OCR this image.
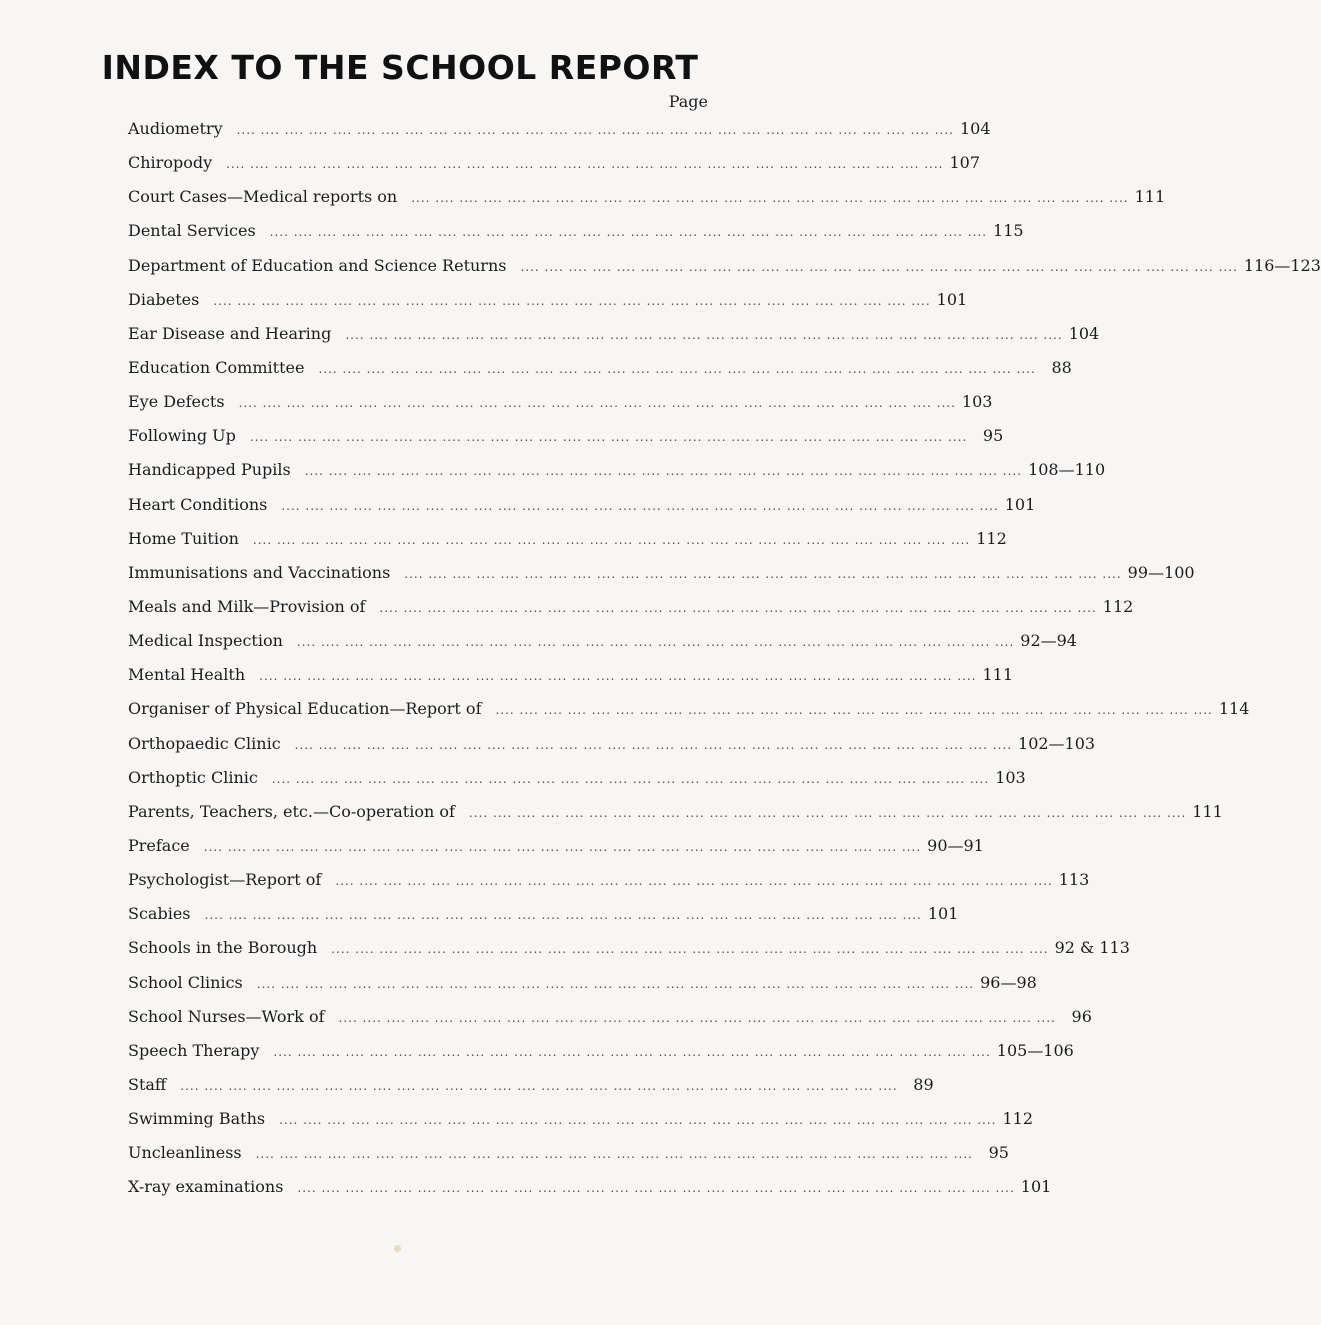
INDEX TO THE SCHOOL REPORT
Page
Audiometry .... .... .... .... .... .... .... .... .... .... .... .... .... .... .... .... .... .... .... .... .... .... .... .... .... .... .... .... .... .... 104
Chiropody .... .... .... .... .... .... .... .... .... .... .... .... .... .... .... .... .... .... .... .... .... .... .... .... .... .... .... .... .... .... 107
Court Cases—Medical reports on .... .... .... .... .... .... .... .... .... .... .... .... .... .... .... .... .... .... .... .... .... .... .... .... .... .... .... .... .... .... 111
Dental Services .... .... .... .... .... .... .... .... .... .... .... .... .... .... .... .... .... .... .... .... .... .... .... .... .... .... .... .... .... .... 115
Department of Education and Science Returns .... .... .... .... .... .... .... .... .... .... .... .... .... .... .... .... .... .... .... .... .... .... .... .... .... .... .... .... .... .... 116—123
Diabetes .... .... .... .... .... .... .... .... .... .... .... .... .... .... .... .... .... .... .... .... .... .... .... .... .... .... .... .... .... .... 101
Ear Disease and Hearing .... .... .... .... .... .... .... .... .... .... .... .... .... .... .... .... .... .... .... .... .... .... .... .... .... .... .... .... .... .... 104
Education Committee .... .... .... .... .... .... .... .... .... .... .... .... .... .... .... .... .... .... .... .... .... .... .... .... .... .... .... .... .... .... 88
Eye Defects .... .... .... .... .... .... .... .... .... .... .... .... .... .... .... .... .... .... .... .... .... .... .... .... .... .... .... .... .... .... 103
Following Up .... .... .... .... .... .... .... .... .... .... .... .... .... .... .... .... .... .... .... .... .... .... .... .... .... .... .... .... .... .... 95
Handicapped Pupils .... .... .... .... .... .... .... .... .... .... .... .... .... .... .... .... .... .... .... .... .... .... .... .... .... .... .... .... .... .... 108—110
Heart Conditions .... .... .... .... .... .... .... .... .... .... .... .... .... .... .... .... .... .... .... .... .... .... .... .... .... .... .... .... .... .... 101
Home Tuition .... .... .... .... .... .... .... .... .... .... .... .... .... .... .... .... .... .... .... .... .... .... .... .... .... .... .... .... .... .... 112
Immunisations and Vaccinations .... .... .... .... .... .... .... .... .... .... .... .... .... .... .... .... .... .... .... .... .... .... .... .... .... .... .... .... .... .... 99—100
Meals and Milk—Provision of .... .... .... .... .... .... .... .... .... .... .... .... .... .... .... .... .... .... .... .... .... .... .... .... .... .... .... .... .... .... 112
Medical Inspection .... .... .... .... .... .... .... .... .... .... .... .... .... .... .... .... .... .... .... .... .... .... .... .... .... .... .... .... .... .... 92—94
Mental Health .... .... .... .... .... .... .... .... .... .... .... .... .... .... .... .... .... .... .... .... .... .... .... .... .... .... .... .... .... .... 111
Organiser of Physical Education—Report of .... .... .... .... .... .... .... .... .... .... .... .... .... .... .... .... .... .... .... .... .... .... .... .... .... .... .... .... .... .... 114
Orthopaedic Clinic .... .... .... .... .... .... .... .... .... .... .... .... .... .... .... .... .... .... .... .... .... .... .... .... .... .... .... .... .... .... 102—103
Orthoptic Clinic .... .... .... .... .... .... .... .... .... .... .... .... .... .... .... .... .... .... .... .... .... .... .... .... .... .... .... .... .... .... 103
Parents, Teachers, etc.—Co-operation of .... .... .... .... .... .... .... .... .... .... .... .... .... .... .... .... .... .... .... .... .... .... .... .... .... .... .... .... .... .... 111
Preface .... .... .... .... .... .... .... .... .... .... .... .... .... .... .... .... .... .... .... .... .... .... .... .... .... .... .... .... .... .... 90—91
Psychologist—Report of .... .... .... .... .... .... .... .... .... .... .... .... .... .... .... .... .... .... .... .... .... .... .... .... .... .... .... .... .... .... 113
Scabies .... .... .... .... .... .... .... .... .... .... .... .... .... .... .... .... .... .... .... .... .... .... .... .... .... .... .... .... .... .... 101
Schools in the Borough .... .... .... .... .... .... .... .... .... .... .... .... .... .... .... .... .... .... .... .... .... .... .... .... .... .... .... .... .... .... 92 & 113
School Clinics .... .... .... .... .... .... .... .... .... .... .... .... .... .... .... .... .... .... .... .... .... .... .... .... .... .... .... .... .... .... 96—98
School Nurses—Work of .... .... .... .... .... .... .... .... .... .... .... .... .... .... .... .... .... .... .... .... .... .... .... .... .... .... .... .... .... .... 96
Speech Therapy .... .... .... .... .... .... .... .... .... .... .... .... .... .... .... .... .... .... .... .... .... .... .... .... .... .... .... .... .... .... 105—106
Staff .... .... .... .... .... .... .... .... .... .... .... .... .... .... .... .... .... .... .... .... .... .... .... .... .... .... .... .... .... .... 89
Swimming Baths .... .... .... .... .... .... .... .... .... .... .... .... .... .... .... .... .... .... .... .... .... .... .... .... .... .... .... .... .... .... 112
Uncleanliness .... .... .... .... .... .... .... .... .... .... .... .... .... .... .... .... .... .... .... .... .... .... .... .... .... .... .... .... .... .... 95
X-ray examinations .... .... .... .... .... .... .... .... .... .... .... .... .... .... .... .... .... .... .... .... .... .... .... .... .... .... .... .... .... .... 101
